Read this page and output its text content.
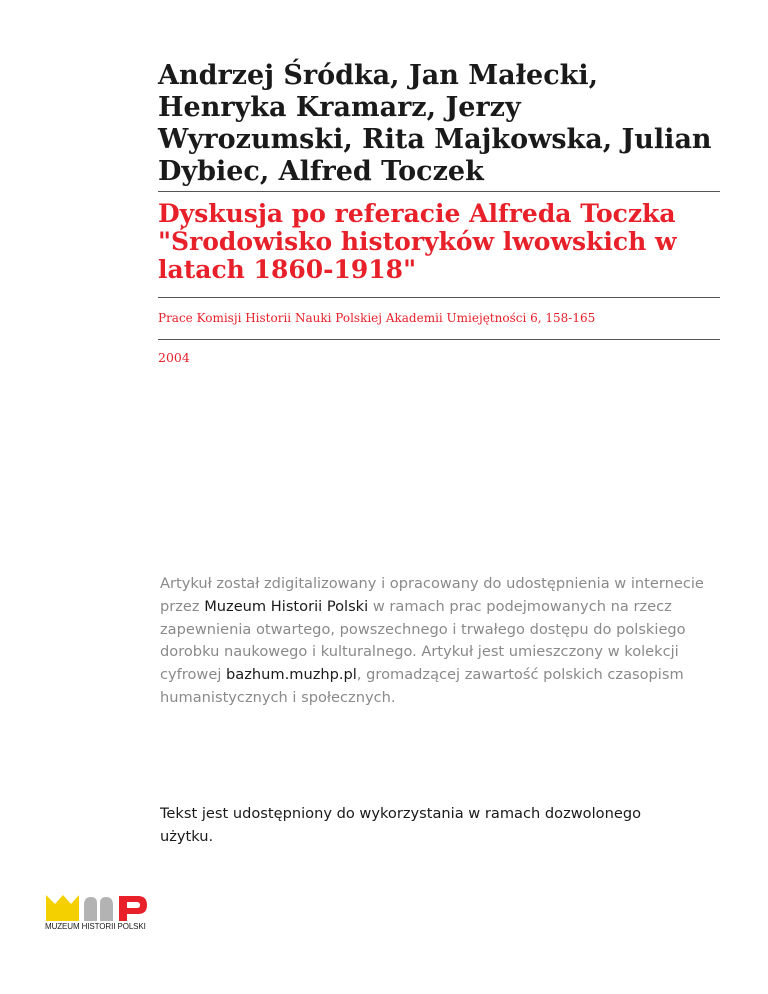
Andrzej Śródka, Jan Małecki, Henryka Kramarz, Jerzy Wyrozumski, Rita Majkowska, Julian Dybiec, Alfred Toczek
Dyskusja po referacie Alfreda Toczka "Środowisko historyków lwowskich w latach 1860-1918"
Prace Komisji Historii Nauki Polskiej Akademii Umiejętności 6, 158-165
2004

Artykuł został zdigitalizowany i opracowany do udostępnienia w internecie przez Muzeum Historii Polski w ramach prac podejmowanych na rzecz zapewnienia otwartego, powszechnego i trwałego dostępu do polskiego dorobku naukowego i kulturalnego. Artykuł jest umieszczony w kolekcji cyfrowej bazhum.muzhp.pl, gromadzącej zawartość polskich czasopism humanistycznych i społecznych.

Tekst jest udostępniony do wykorzystania w ramach dozwolonego użytku.

MUZEUM HISTORII POLSKI
